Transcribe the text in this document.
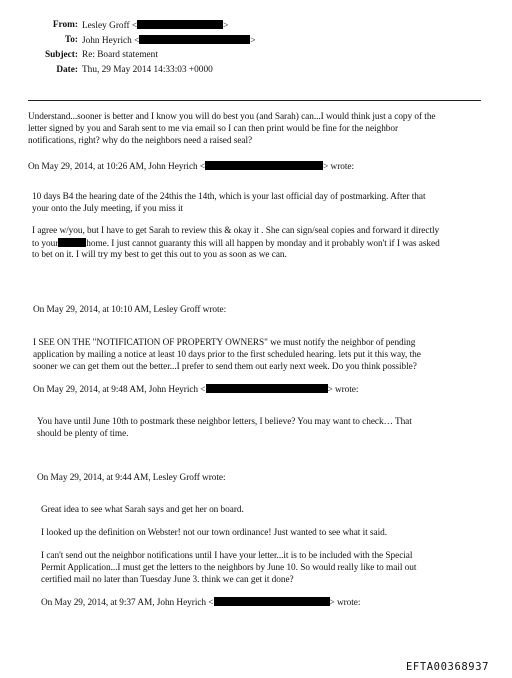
From: Lesley Groff <	>
To: John Heyrich <	>
Subject: Re: Board statement
Date: Thu, 29 May 2014 14:33:03 +0000
Understand...sooner is better and I know you will do best you (and Sarah) can...I would think just a copy of the
letter signed by you and Sarah sent to me via email so I can then print would be fine for the neighbor
notifications, right? why do the neighbors need a raised seal?
On May 29, 2014, at 10:26 AM, John Heyrich <	> wrote:
10 days B4 the hearing date of the 24this the 14th, which is your last official day of postmarking. After that
your onto the July meeting, if you miss it
I agree w/you, but I have to get Sarah to review this & okay it . She can sign/seal copies and forward it directly
to your	home. I just cannot guaranty this will all happen by monday and it probably won't if I was asked
to bet on it. I will try my best to get this out to you as soon as we can.
On May 29, 2014, at 10:10 AM, Lesley Groff wrote:
I SEE ON THE "NOTIFICATION OF PROPERTY OWNERS" we must notify the neighbor of pending
application by mailing a notice at least 10 days prior to the first scheduled hearing. lets put it this way, the
sooner we can get them out the better...I prefer to send them out early next week. Do you think possible?
On May 29, 2014, at 9:48 AM, John Heyrich <	> wrote:
You have until June 10th to postmark these neighbor letters, I believe? You may want to check… That
should be plenty of time.
On May 29, 2014, at 9:44 AM, Lesley Groff wrote:
Great idea to see what Sarah says and get her on board.
I looked up the definition on Webster! not our town ordinance! Just wanted to see what it said.
I can't send out the neighbor notifications until I have your letter...it is to be included with the Special
Permit Application...I must get the letters to the neighbors by June 10. So would really like to mail out
certified mail no later than Tuesday June 3. think we can get it done?
On May 29, 2014, at 9:37 AM, John Heyrich <	> wrote:
EFTA00368937
